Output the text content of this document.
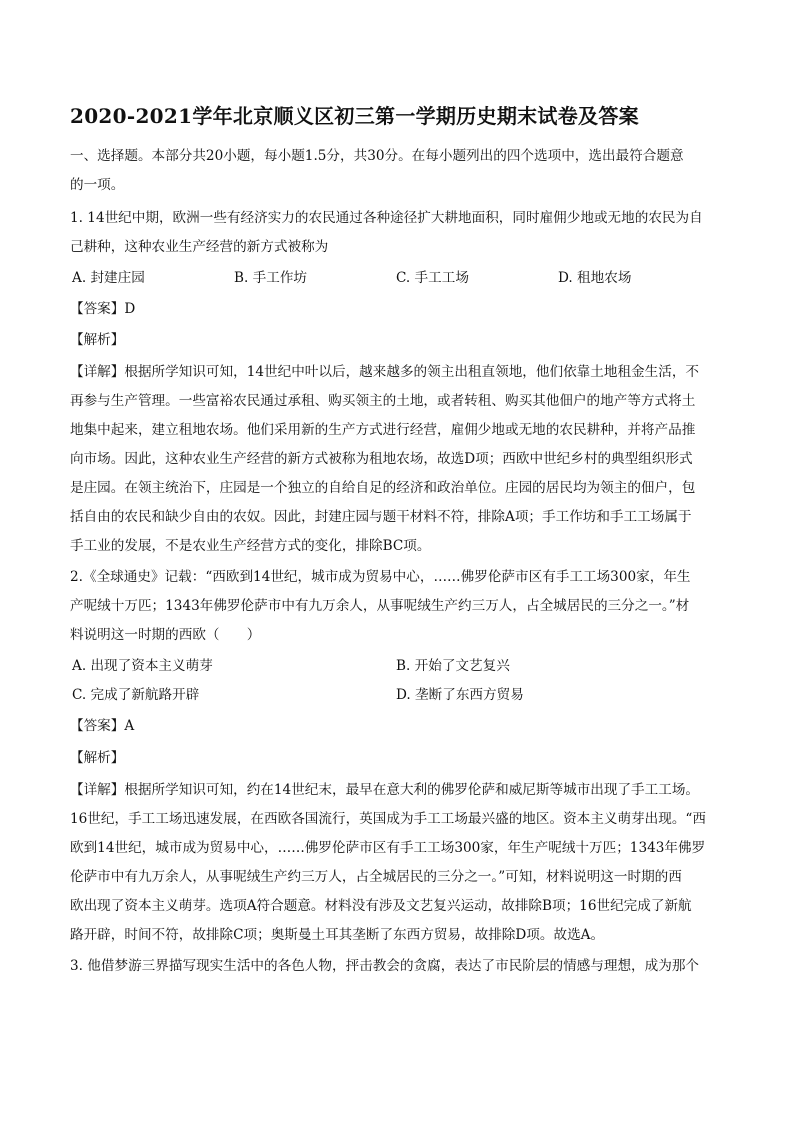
2020-2021学年北京顺义区初三第一学期历史期末试卷及答案
一、选择题。本部分共20小题，每小题1.5分，共30分。在每小题列出的四个选项中，选出最符合题意
的一项。
1. 14世纪中期，欧洲一些有经济实力的农民通过各种途径扩大耕地面积，同时雇佣少地或无地的农民为自
己耕种，这种农业生产经营的新方式被称为
A. 封建庄园	B. 手工作坊	C. 手工工场	D. 租地农场
【答案】D
【解析】
【详解】根据所学知识可知，14世纪中叶以后，越来越多的领主出租直领地，他们依靠土地租金生活，不
再参与生产管理。一些富裕农民通过承租、购买领主的土地，或者转租、购买其他佃户的地产等方式将土
地集中起来，建立租地农场。他们采用新的生产方式进行经营，雇佣少地或无地的农民耕种，并将产品推
向市场。因此，这种农业生产经营的新方式被称为租地农场，故选D项；西欧中世纪乡村的典型组织形式
是庄园。在领主统治下，庄园是一个独立的自给自足的经济和政治单位。庄园的居民均为领主的佃户，包
括自由的农民和缺少自由的农奴。因此，封建庄园与题干材料不符，排除A项；手工作坊和手工工场属于
手工业的发展，不是农业生产经营方式的变化，排除BC项。
2.《全球通史》记载：“西欧到14世纪，城市成为贸易中心，……佛罗伦萨市区有手工工场300家，年生
产呢绒十万匹；1343年佛罗伦萨市中有九万余人，从事呢绒生产约三万人，占全城居民的三分之一。”材
料说明这一时期的西欧（　　）
A. 出现了资本主义萌芽	B. 开始了文艺复兴
C. 完成了新航路开辟	D. 垄断了东西方贸易
【答案】A
【解析】
【详解】根据所学知识可知，约在14世纪末，最早在意大利的佛罗伦萨和威尼斯等城市出现了手工工场。
16世纪，手工工场迅速发展，在西欧各国流行，英国成为手工工场最兴盛的地区。资本主义萌芽出现。“西
欧到14世纪，城市成为贸易中心，……佛罗伦萨市区有手工工场300家，年生产呢绒十万匹；1343年佛罗
伦萨市中有九万余人，从事呢绒生产约三万人，占全城居民的三分之一。”可知，材料说明这一时期的西
欧出现了资本主义萌芽。选项A符合题意。材料没有涉及文艺复兴运动，故排除B项；16世纪完成了新航
路开辟，时间不符，故排除C项；奥斯曼土耳其垄断了东西方贸易，故排除D项。故选A。
3. 他借梦游三界描写现实生活中的各色人物，抨击教会的贪腐，表达了市民阶层的情感与理想，成为那个
